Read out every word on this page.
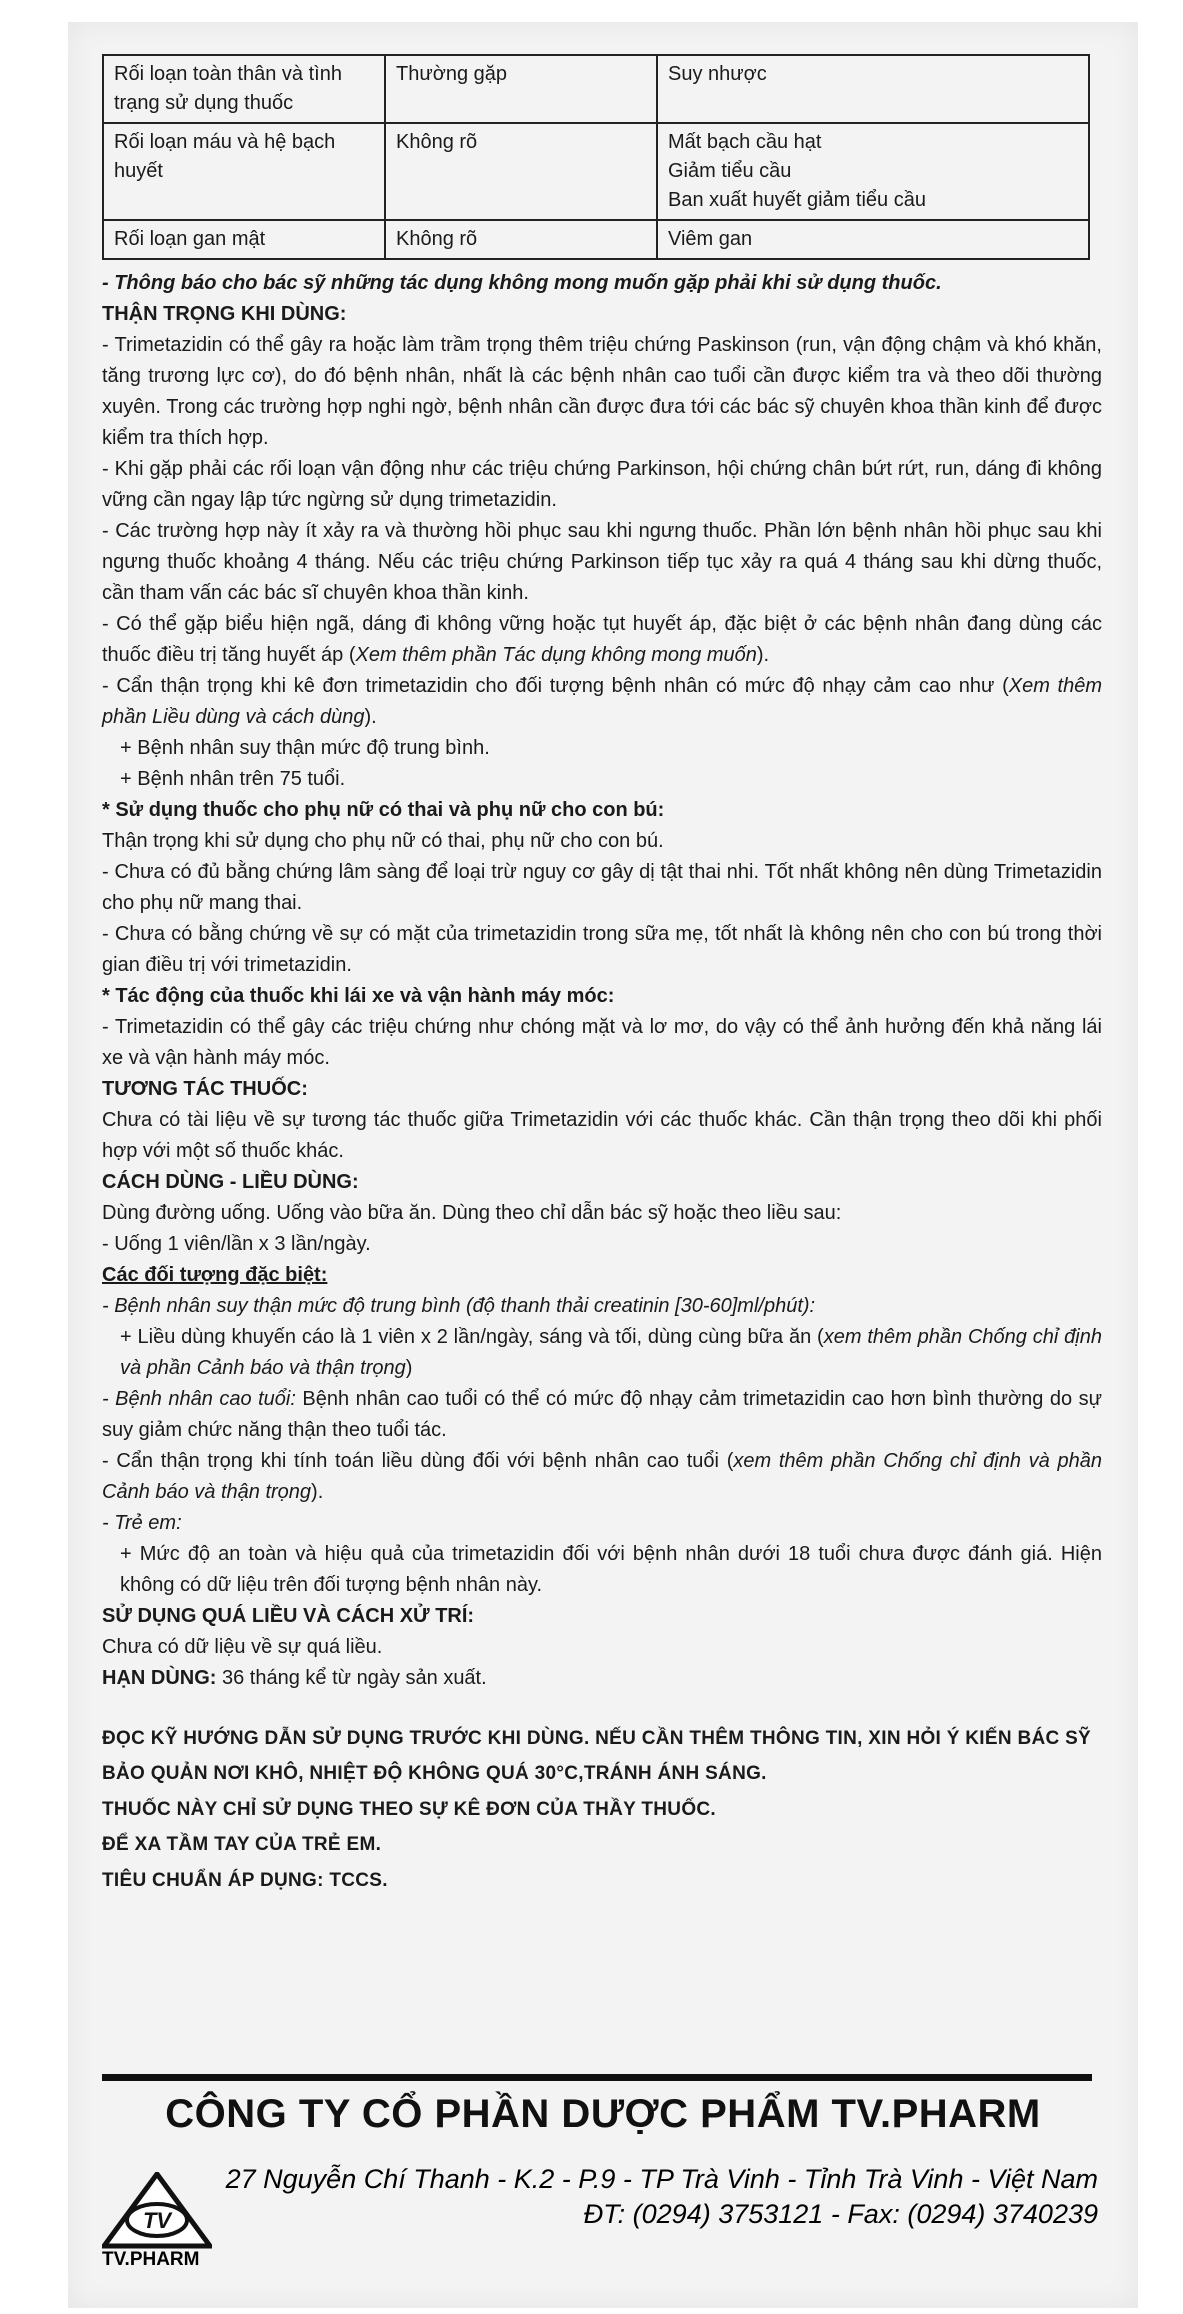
Rối loạn toàn thân và tình trạng sử dụng thuốc	Thường gặp	Suy nhược

Rối loạn máu và hệ bạch huyết	Không rõ	Mất bạch cầu hạt
Giảm tiểu cầu
Ban xuất huyết giảm tiểu cầu

Rối loạn gan mật	Không rõ	Viêm gan

- Thông báo cho bác sỹ những tác dụng không mong muốn gặp phải khi sử dụng thuốc.

THẬN TRỌNG KHI DÙNG:

- Trimetazidin có thể gây ra hoặc làm trầm trọng thêm triệu chứng Paskinson (run, vận động chậm và khó khăn, tăng trương lực cơ), do đó bệnh nhân, nhất là các bệnh nhân cao tuổi cần được kiểm tra và theo dõi thường xuyên. Trong các trường hợp nghi ngờ, bệnh nhân cần được đưa tới các bác sỹ chuyên khoa thần kinh để được kiểm tra thích hợp.

- Khi gặp phải các rối loạn vận động như các triệu chứng Parkinson, hội chứng chân bứt rứt, run, dáng đi không vững cần ngay lập tức ngừng sử dụng trimetazidin.

- Các trường hợp này ít xảy ra và thường hồi phục sau khi ngưng thuốc. Phần lớn bệnh nhân hồi phục sau khi ngưng thuốc khoảng 4 tháng. Nếu các triệu chứng Parkinson tiếp tục xảy ra quá 4 tháng sau khi dừng thuốc, cần tham vấn các bác sĩ chuyên khoa thần kinh.

- Có thể gặp biểu hiện ngã, dáng đi không vững hoặc tụt huyết áp, đặc biệt ở các bệnh nhân đang dùng các thuốc điều trị tăng huyết áp (Xem thêm phần Tác dụng không mong muốn).

- Cẩn thận trọng khi kê đơn trimetazidin cho đối tượng bệnh nhân có mức độ nhạy cảm cao như (Xem thêm phần Liều dùng và cách dùng).

+ Bệnh nhân suy thận mức độ trung bình.

+ Bệnh nhân trên 75 tuổi.

* Sử dụng thuốc cho phụ nữ có thai và phụ nữ cho con bú:

Thận trọng khi sử dụng cho phụ nữ có thai, phụ nữ cho con bú.

- Chưa có đủ bằng chứng lâm sàng để loại trừ nguy cơ gây dị tật thai nhi. Tốt nhất không nên dùng Trimetazidin cho phụ nữ mang thai.

- Chưa có bằng chứng về sự có mặt của trimetazidin trong sữa mẹ, tốt nhất là không nên cho con bú trong thời gian điều trị với trimetazidin.

* Tác động của thuốc khi lái xe và vận hành máy móc:

- Trimetazidin có thể gây các triệu chứng như chóng mặt và lơ mơ, do vậy có thể ảnh hưởng đến khả năng lái xe và vận hành máy móc.

TƯƠNG TÁC THUỐC:

Chưa có tài liệu về sự tương tác thuốc giữa Trimetazidin với các thuốc khác. Cần thận trọng theo dõi khi phối hợp với một số thuốc khác.

CÁCH DÙNG - LIỀU DÙNG:

Dùng đường uống. Uống vào bữa ăn. Dùng theo chỉ dẫn bác sỹ hoặc theo liều sau:

- Uống 1 viên/lần x 3 lần/ngày.

Các đối tượng đặc biệt:

- Bệnh nhân suy thận mức độ trung bình (độ thanh thải creatinin [30-60]ml/phút):

+ Liều dùng khuyến cáo là 1 viên x 2 lần/ngày, sáng và tối, dùng cùng bữa ăn (xem thêm phần Chống chỉ định và phần Cảnh báo và thận trọng)

- Bệnh nhân cao tuổi: Bệnh nhân cao tuổi có thể có mức độ nhạy cảm trimetazidin cao hơn bình thường do sự suy giảm chức năng thận theo tuổi tác.

- Cẩn thận trọng khi tính toán liều dùng đối với bệnh nhân cao tuổi (xem thêm phần Chống chỉ định và phần Cảnh báo và thận trọng).

- Trẻ em:

+ Mức độ an toàn và hiệu quả của trimetazidin đối với bệnh nhân dưới 18 tuổi chưa được đánh giá. Hiện không có dữ liệu trên đối tượng bệnh nhân này.

SỬ DỤNG QUÁ LIỀU VÀ CÁCH XỬ TRÍ:

Chưa có dữ liệu về sự quá liều.

HẠN DÙNG: 36 tháng kể từ ngày sản xuất.

ĐỌC KỸ HƯỚNG DẪN SỬ DỤNG TRƯỚC KHI DÙNG. NẾU CẦN THÊM THÔNG TIN, XIN HỎI Ý KIẾN BÁC SỸ

BẢO QUẢN NƠI KHÔ, NHIỆT ĐỘ KHÔNG QUÁ 30°C,TRÁNH ÁNH SÁNG.

THUỐC NÀY CHỈ SỬ DỤNG THEO SỰ KÊ ĐƠN CỦA THẦY THUỐC.

ĐỂ XA TẦM TAY CỦA TRẺ EM.

TIÊU CHUẨN ÁP DỤNG: TCCS.

CÔNG TY CỔ PHẦN DƯỢC PHẨM TV.PHARM
TV
TV.PHARM
27 Nguyễn Chí Thanh - K.2 - P.9 - TP Trà Vinh - Tỉnh Trà Vinh - Việt Nam
ĐT: (0294) 3753121 - Fax: (0294) 3740239
